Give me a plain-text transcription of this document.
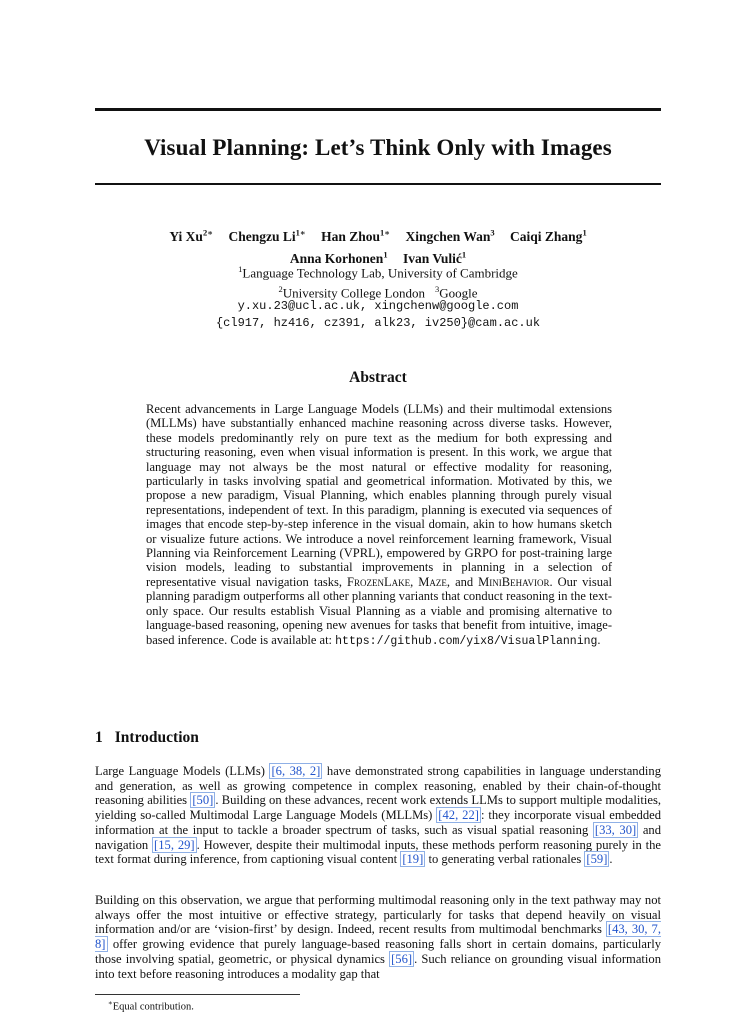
Visual Planning: Let’s Think Only with Images
Yi $Xu^{2∗}$ Chengzu $Li^{1∗}$ Han Zhou$^{1∗}$ Xingchen Wan$^3$ Caiqi Zhang$^1$
Anna Korhonen$^1$ Ivan Vulić$^1$
$^1$Language Technology Lab, University of Cambridge
$^2$University College London $^3$Google
y.xu.23@ucl.ac.uk, xingchenw@google.com
{cl917, hz416, cz391, alk23, iv250}@cam.ac.uk
Abstract
Recent advancements in Large Language Models (LLMs) and their multimodal extensions (MLLMs) have substantially enhanced machine reasoning across diverse tasks. However, these models predominantly rely on pure text as the medium for both expressing and structuring reasoning, even when visual information is present. In this work, we argue that language may not always be the most natural or effective modality for reasoning, particularly in tasks involving spatial and geometrical information. Motivated by this, we propose a new paradigm, Visual Planning, which enables planning through purely visual representations, independent of text. In this paradigm, planning is executed via sequences of images that encode step-by-step inference in the visual domain, akin to how humans sketch or visualize future actions. We introduce a novel reinforcement learning framework, Visual Planning via Reinforcement Learning (VPRL), empowered by GRPO for post-training large vision models, leading to substantial improvements in planning in a selection of representative visual navigation tasks, FrozenLake, Maze, and MiniBehavior. Our visual planning paradigm outperforms all other planning variants that conduct reasoning in the text-only space. Our results establish Visual Planning as a viable and promising alternative to language-based reasoning, opening new avenues for tasks that benefit from intuitive, image-based inference. Code is available at: https://github.com/yix8/VisualPlanning.
1 Introduction

Large Language Models (LLMs) [6, 38, 2] have demonstrated strong capabilities in language understanding and generation, as well as growing competence in complex reasoning, enabled by their chain-of-thought reasoning abilities [50] . Building on these advances, recent work extends LLMs to support multiple modalities, yielding so-called Multimodal Large Language Models (MLLMs) [42, 22] : they incorporate visual embedded information at the input to tackle a broader spectrum of tasks, such as visual spatial reasoning [33, 30] and navigation [15, 29] . However, despite their multimodal inputs, these methods perform reasoning purely in the text format during inference, from captioning visual content [19] to generating verbal rationales [59] .

Building on this observation, we argue that performing multimodal reasoning only in the text pathway may not always offer the most intuitive or effective strategy, particularly for tasks that depend heavily on visual information and/or are ‘vision-first’ by design. Indeed, recent results from multimodal benchmarks [43, 30, 7, 8] offer growing evidence that purely language-based reasoning falls short in certain domains, particularly those involving spatial, geometric, or physical dynamics [56] . Such reliance on grounding visual information into text before reasoning introduces a modality gap that

∗Equal contribution.
